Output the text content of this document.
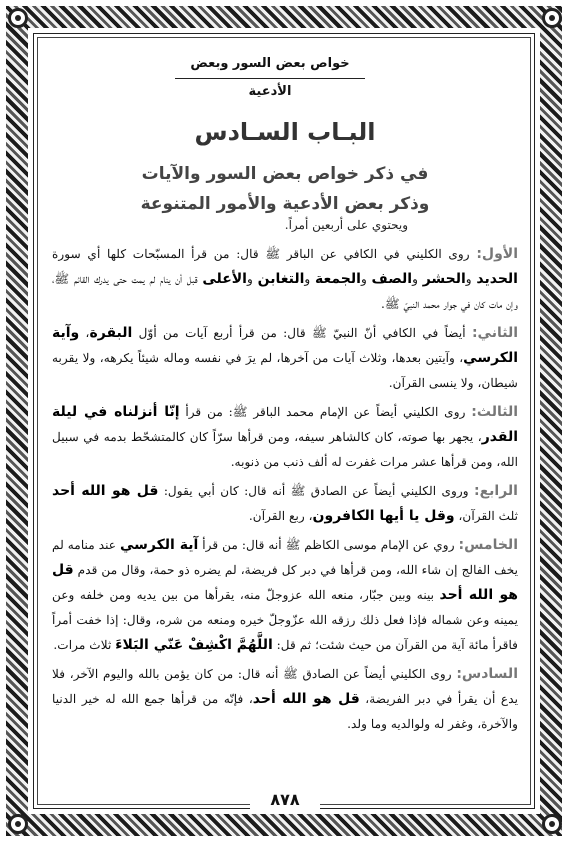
خواص بعض السور وبعض الأدعية
البـاب السـادس
في ذكر خواص بعض السور والآيات
وذكر بعض الأدعية والأمور المتنوعة
ويحتوي على أربعين أمراً.

الأول: روى الكليني في الكافي عن الباقر ﷺ قال: من قرأ المسبّحات كلها أي سورة الحديد والحشر والصف والجمعة والتغابن والأعلى قبل أن ينام لم يمت حتى يدرك القائم ﷺ، وإن مات كان في جوار محمد النبيّ ﷺ.

الثاني: أيضاً في الكافي أنّ النبيّ ﷺ قال: من قرأ أربع آيات من أوّل البقرة، وآية الكرسي، وآيتين بعدها، وثلاث آيات من آخرها، لم يرَ في نفسه وماله شيئاً يكرهه، ولا يقربه شيطان، ولا ينسى القرآن.

الثالث: روى الكليني أيضاً عن الإمام محمد الباقر ﷺ: من قرأ إنّا أنزلناه في ليلة القدر، يجهر بها صوته، كان كالشاهر سيفه، ومن قرأها سرّاً كان كالمتشحّط بدمه في سبيل الله، ومن قرأها عشر مرات غفرت له ألف ذنب من ذنوبه.

الرابع: وروى الكليني أيضاً عن الصادق ﷺ أنه قال: كان أبي يقول: قل هو الله أحد ثلث القرآن، وقل يا أيها الكافرون، ربع القرآن.

الخامس: روي عن الإمام موسى الكاظم ﷺ أنه قال: من قرأ آية الكرسي عند منامه لم يخف الفالج إن شاء الله، ومن قرأها في دبر كل فريضة، لم يضره ذو حمة، وقال من قدم قل هو الله أحد بينه وبين جبّار، منعه الله عزوجلّ منه، يقرأها من بين يديه ومن خلفه وعن يمينه وعن شماله فإذا فعل ذلك رزقه الله عزّوجلّ خيره ومنعه من شره، وقال: إذا خفت أمراً فاقرأ مائة آية من القرآن من حيث شئت؛ ثم قل: اللَّهُمَّ اكْشِفْ عَنّي البَلاءَ ثلاث مرات.

السادس: روى الكليني أيضاً عن الصادق ﷺ أنه قال: من كان يؤمن بالله واليوم الآخر، فلا يدع أن يقرأ في دبر الفريضة، قل هو الله أحد، فإنّه من قرأها جمع الله له خير الدنيا والآخرة، وغفر له ولوالديه وما ولد.

٨٧٨
